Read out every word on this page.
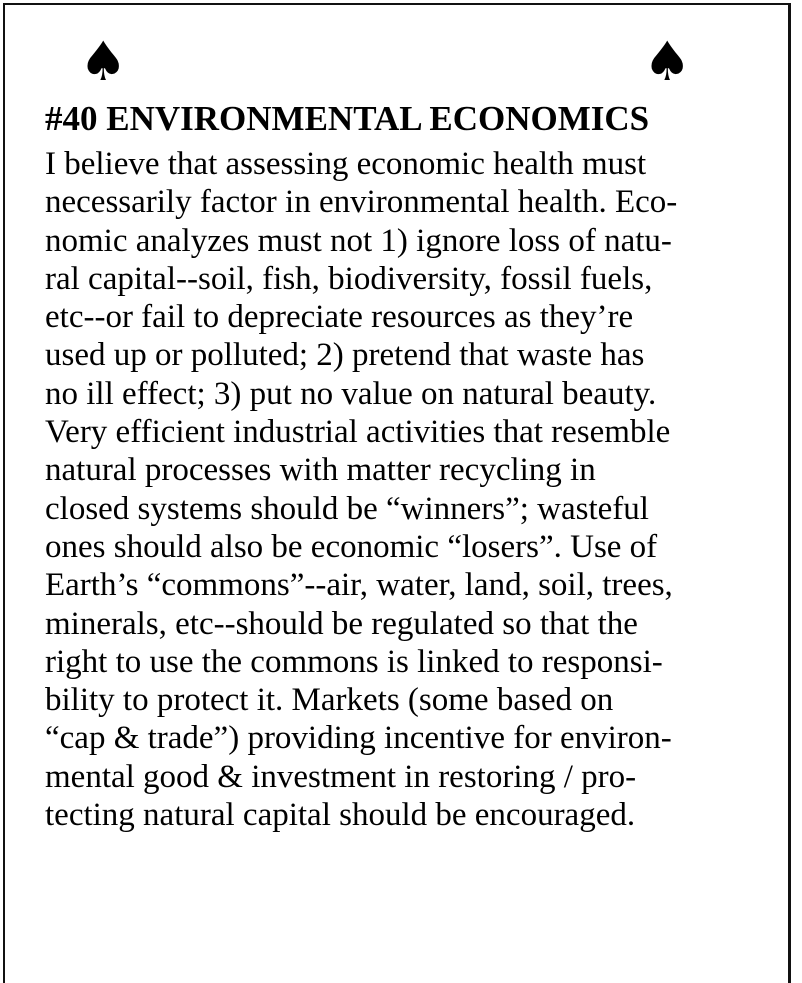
♠	♠
#40 ENVIRONMENTAL ECONOMICS
I believe that assessing economic health must
necessarily factor in environmental health. Eco-
nomic analyzes must not 1) ignore loss of natu-
ral capital--soil, fish, biodiversity, fossil fuels,
etc--or fail to depreciate resources as they’re
used up or polluted; 2) pretend that waste has
no ill effect; 3) put no value on natural beauty.
Very efficient industrial activities that resemble
natural processes with matter recycling in
closed systems should be “winners”; wasteful
ones should also be economic “losers”. Use of
Earth’s “commons”--air, water, land, soil, trees,
minerals, etc--should be regulated so that the
right to use the commons is linked to responsi-
bility to protect it. Markets (some based on
“cap & trade”) providing incentive for environ-
mental good & investment in restoring / pro-
tecting natural capital should be encouraged.
